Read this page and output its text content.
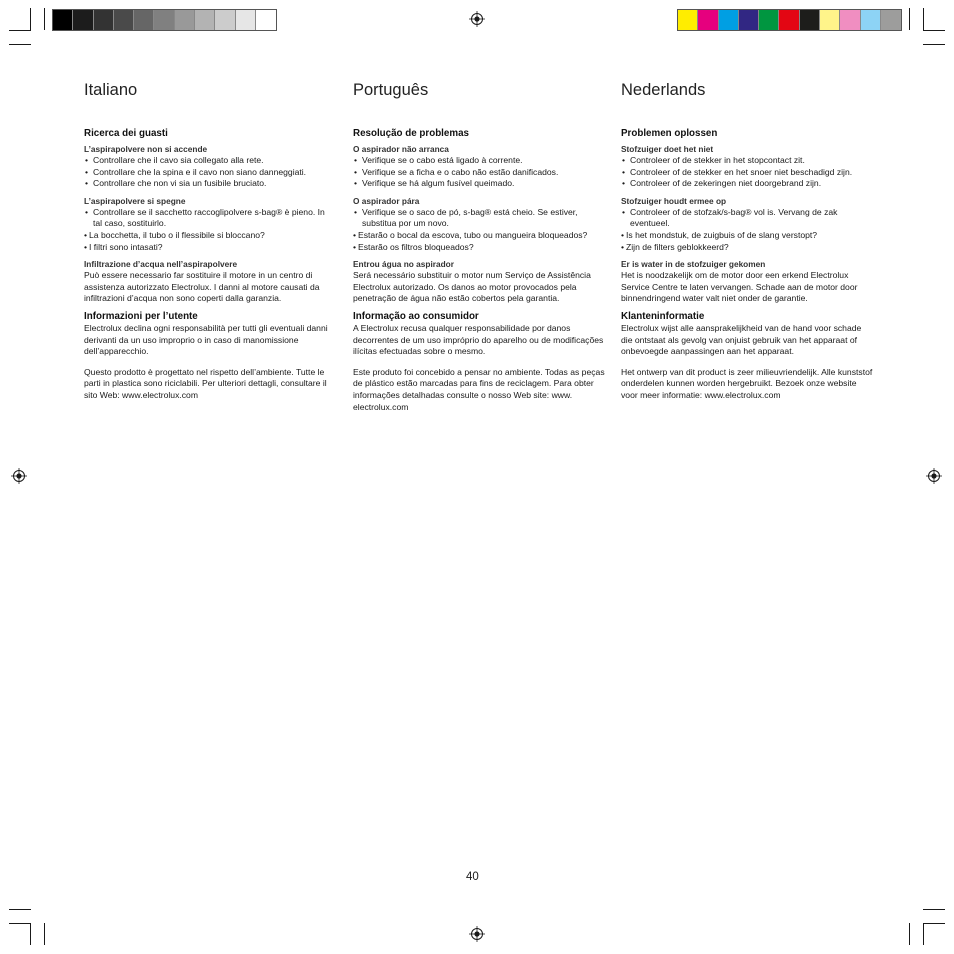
Italiano
Ricerca dei guasti
L’aspirapolvere non si accende
• Controllare che il cavo sia collegato alla rete.
• Controllare che la spina e il cavo non siano danneggiati.
• Controllare che non vi sia un fusibile bruciato.
L’aspirapolvere si spegne
• Controllare se il sacchetto raccoglipolvere s-bag® è pieno. In tal caso, sostituirlo.
• La bocchetta, il tubo o il flessibile si bloccano?
• I filtri sono intasati?
Infiltrazione d’acqua nell’aspirapolvere

Può essere necessario far sostituire il motore in un centro di assistenza autorizzato Electrolux. I danni al motore causati da infiltrazioni d’acqua non sono coperti dalla garanzia.

Informazioni per l’utente

Electrolux declina ogni responsabilità per tutti gli eventuali danni derivanti da un uso improprio o in caso di manomissione dell’apparecchio.

Questo prodotto è progettato nel rispetto dell’ambiente. Tutte le parti in plastica sono riciclabili. Per ulteriori dettagli, consultare il sito Web: www.electrolux.com

Português
Resolução de problemas
O aspirador não arranca
• Verifique se o cabo está ligado à corrente.
• Verifique se a ficha e o cabo não estão danificados.
• Verifique se há algum fusível queimado.
O aspirador pára
• Verifique se o saco de pó, s-bag® está cheio. Se estiver, substitua por um novo.
• Estarão o bocal da escova, tubo ou mangueira bloqueados?
• Estarão os filtros bloqueados?
Entrou água no aspirador

Será necessário substituir o motor num Serviço de Assistência Electrolux autorizado. Os danos ao motor provocados pela penetração de água não estão cobertos pela garantia.

Informação ao consumidor

A Electrolux recusa qualquer responsabilidade por danos decorrentes de um uso impróprio do aparelho ou de modificações ilícitas efectuadas sobre o mesmo.

Este produto foi concebido a pensar no ambiente. Todas as peças de plástico estão marcadas para fins de reciclagem. Para obter informações detalhadas consulte o nosso Web site: www. electrolux.com

Nederlands
Problemen oplossen
Stofzuiger doet het niet
• Controleer of de stekker in het stopcontact zit.
• Controleer of de stekker en het snoer niet beschadigd zijn.
• Controleer of de zekeringen niet doorgebrand zijn.
Stofzuiger houdt ermee op
• Controleer of de stofzak/s-bag® vol is. Vervang de zak eventueel.
• Is het mondstuk, de zuigbuis of de slang verstopt?
• Zijn de filters geblokkeerd?
Er is water in de stofzuiger gekomen

Het is noodzakelijk om de motor door een erkend Electrolux Service Centre te laten vervangen. Schade aan de motor door binnendringend water valt niet onder de garantie.

Klanteninformatie

Electrolux wijst alle aansprakelijkheid van de hand voor schade die ontstaat als gevolg van onjuist gebruik van het apparaat of onbevoegde aanpassingen aan het apparaat.

Het ontwerp van dit product is zeer milieuvriendelijk. Alle kunststof onderdelen kunnen worden hergebruikt. Bezoek onze website voor meer informatie: www.electrolux.com

40
